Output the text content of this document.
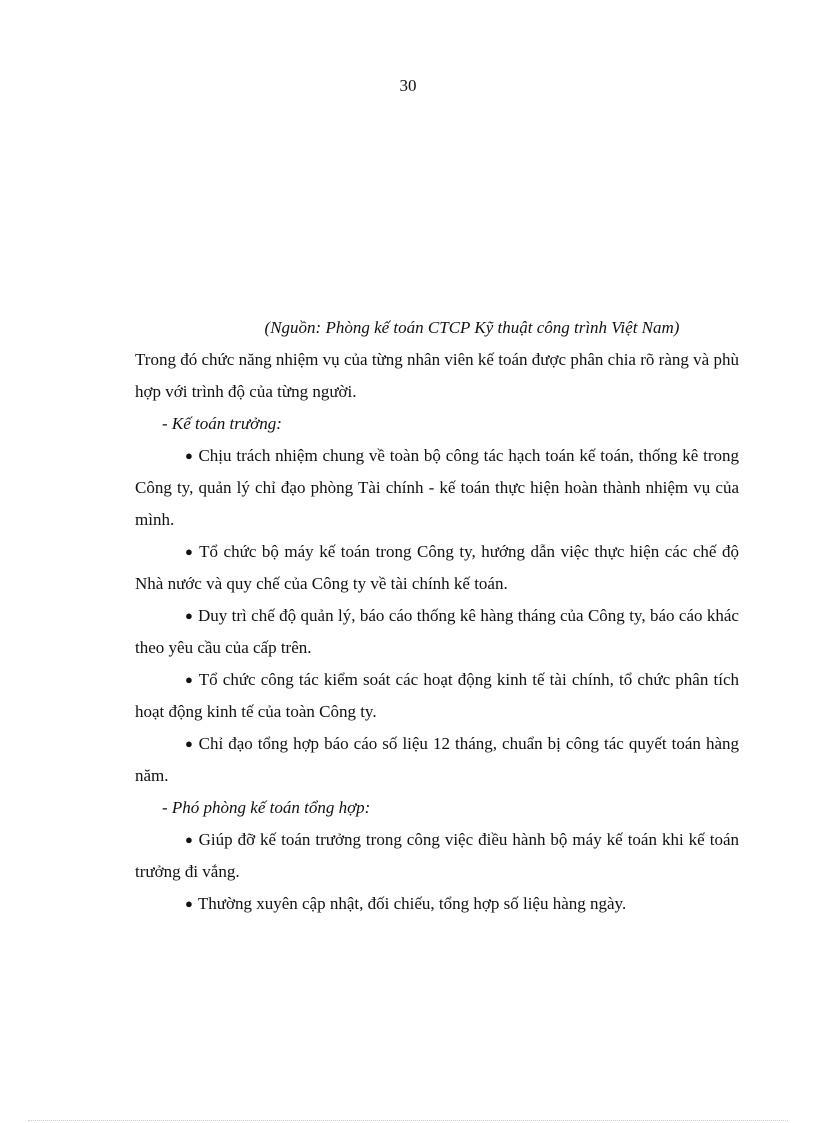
30
(Nguồn: Phòng kế toán CTCP Kỹ thuật công trình Việt Nam)

Trong đó chức năng nhiệm vụ của từng nhân viên kế toán được phân chia rõ ràng và phù hợp với trình độ của từng người.

- Kế toán trưởng:

● Chịu trách nhiệm chung về toàn bộ công tác hạch toán kế toán, thống kê trong Công ty, quản lý chỉ đạo phòng Tài chính - kế toán thực hiện hoàn thành nhiệm vụ của mình.

● Tổ chức bộ máy kế toán trong Công ty, hướng dẫn việc thực hiện các chế độ Nhà nước và quy chế của Công ty về tài chính kế toán.

● Duy trì chế độ quản lý, báo cáo thống kê hàng tháng của Công ty, báo cáo khác theo yêu cầu của cấp trên.

● Tổ chức công tác kiểm soát các hoạt động kinh tế tài chính, tổ chức phân tích hoạt động kinh tế của toàn Công ty.

● Chỉ đạo tổng hợp báo cáo số liệu 12 tháng, chuẩn bị công tác quyết toán hàng năm.

- Phó phòng kế toán tổng hợp:

● Giúp đỡ kế toán trưởng trong công việc điều hành bộ máy kế toán khi kế toán trưởng đi vắng.

● Thường xuyên cập nhật, đối chiếu, tổng hợp số liệu hàng ngày.
